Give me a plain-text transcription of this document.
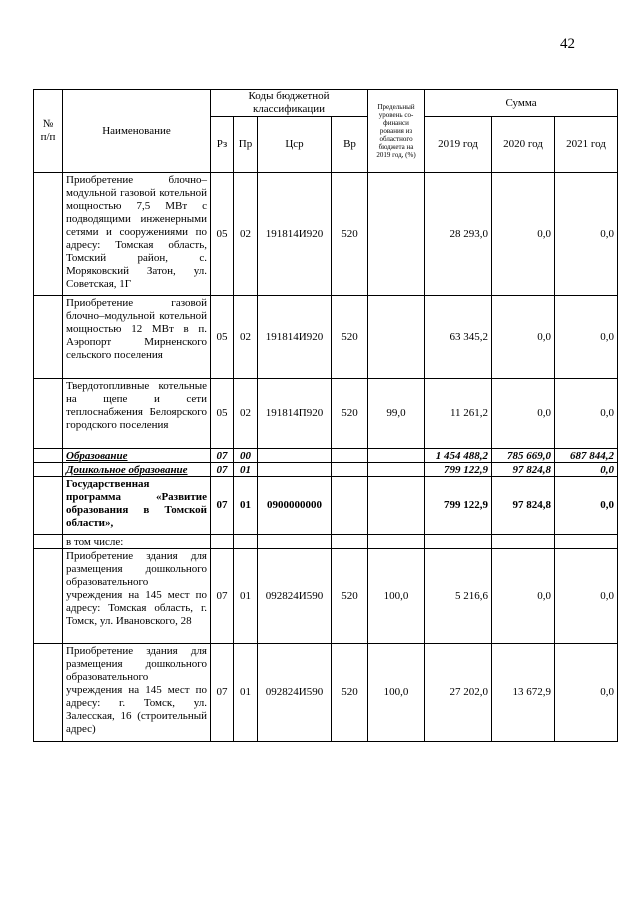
42
№ п/п	Наименование	Коды бюджетной классификации				Предельный уровень со-финанси рования из областного бюджета на 2019 год, (%)	Сумма		
		Рз	Пр	Цср	Вр		2019 год	2020 год	2021 год
	Приобретение блочно–модульной газовой котельной мощностью 7,5 МВт с подводящими инженерными сетями и сооружениями по адресу: Томская область, Томский район, с. Моряковский Затон, ул. Советская, 1Г	05	02	191814И920	520		28 293,0	0,0	0,0
	Приобретение газовой блочно–модульной котельной мощностью 12 МВт в п. Аэропорт Мирненского сельского поселения	05	02	191814И920	520		63 345,2	0,0	0,0
	Твердотопливные котельные на щепе и сети теплоснабжения Белоярского городского поселения	05	02	191814П920	520	99,0	11 261,2	0,0	0,0
	Образование	07	00				1 454 488,2	785 669,0	687 844,2
	Дошкольное образование	07	01				799 122,9	97 824,8	0,0
	Государственная программа «Развитие образования в Томской области»,	07	01	0900000000			799 122,9	97 824,8	0,0
	в том числе:								
	Приобретение здания для размещения дошкольного образовательного учреждения на 145 мест по адресу: Томская область, г. Томск, ул. Ивановского, 28	07	01	092824И590	520	100,0	5 216,6	0,0	0,0
	Приобретение здания для размещения дошкольного образовательного учреждения на 145 мест по адресу: г. Томск, ул. Залесская, 16 (строительный адрес)	07	01	092824И590	520	100,0	27 202,0	13 672,9	0,0
